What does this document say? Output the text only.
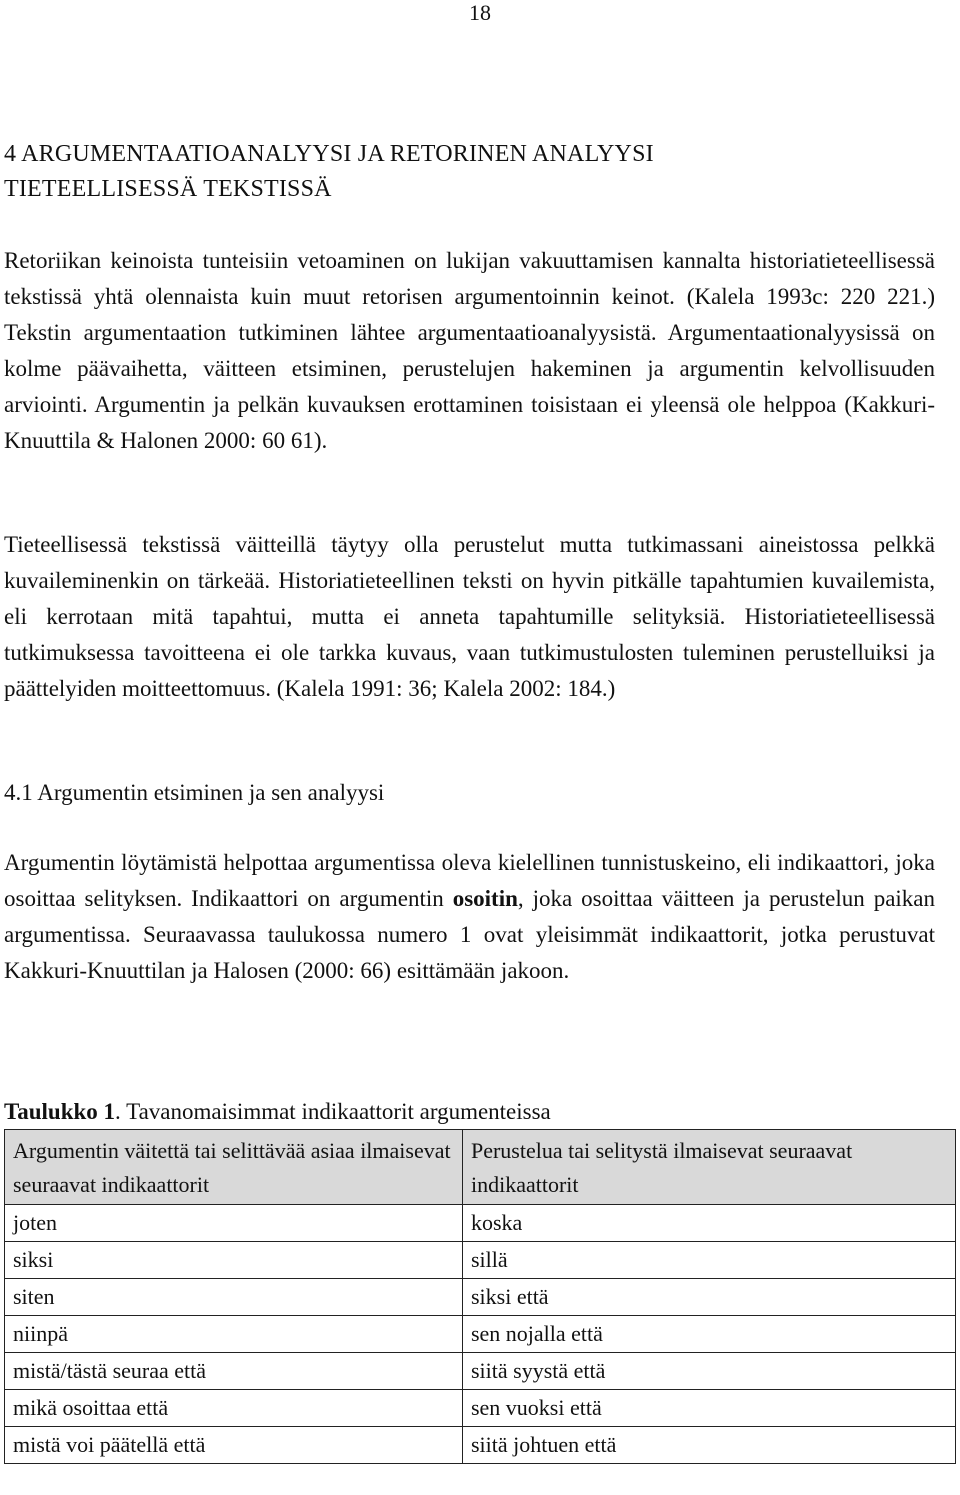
18
4 ARGUMENTAATIOANALYYSI JA RETORINEN ANALYYSI
TIETEELLISESSÄ TEKSTISSÄ

Retoriikan keinoista tunteisiin vetoaminen on lukijan vakuuttamisen kannalta historiatieteellisessä tekstissä yhtä olennaista kuin muut retorisen argumentoinnin keinot. (Kalela 1993c: 220 221.) Tekstin argumentaation tutkiminen lähtee argumentaatioanalyysistä. Argumentaationalyysissä on kolme päävaihetta, väitteen etsiminen, perustelujen hakeminen ja argumentin kelvollisuuden arviointi. Argumentin ja pelkän kuvauksen erottaminen toisistaan ei yleensä ole helppoa (Kakkuri-Knuuttila & Halonen 2000: 60 61).

Tieteellisessä tekstissä väitteillä täytyy olla perustelut mutta tutkimassani aineistossa pelkkä kuvaileminenkin on tärkeää. Historiatieteellinen teksti on hyvin pitkälle tapahtumien kuvailemista, eli kerrotaan mitä tapahtui, mutta ei anneta tapahtumille selityksiä. Historiatieteellisessä tutkimuksessa tavoitteena ei ole tarkka kuvaus, vaan tutkimustulosten tuleminen perustelluiksi ja päättelyiden moitteettomuus. (Kalela 1991: 36; Kalela 2002: 184.)

4.1 Argumentin etsiminen ja sen analyysi

Argumentin löytämistä helpottaa argumentissa oleva kielellinen tunnistuskeino, eli indikaattori, joka osoittaa selityksen. Indikaattori on argumentin osoitin, joka osoittaa väitteen ja perustelun paikan argumentissa. Seuraavassa taulukossa numero 1 ovat yleisimmät indikaattorit, jotka perustuvat Kakkuri-Knuuttilan ja Halosen (2000: 66) esittämään jakoon.

Taulukko 1. Tavanomaisimmat indikaattorit argumenteissa
Argumentin väitettä tai selittävää asiaa ilmaisevat seuraavat indikaattorit	Perustelua tai selitystä ilmaisevat seuraavat indikaattorit
joten	koska
siksi	sillä
siten	siksi että
niinpä	sen nojalla että
mistä/tästä seuraa että	siitä syystä että
mikä osoittaa että	sen vuoksi että
mistä voi päätellä että	siitä johtuen että
